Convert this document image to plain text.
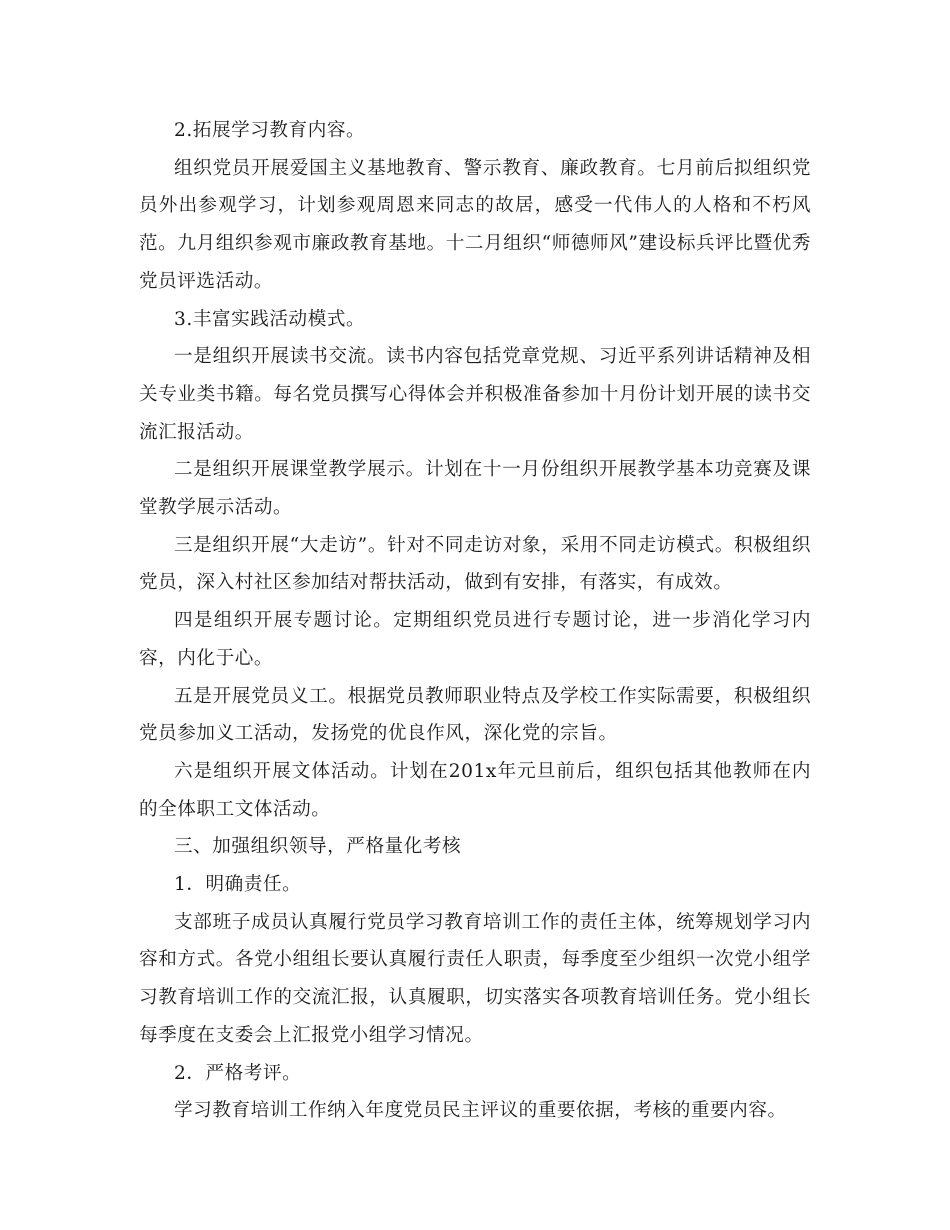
2.拓展学习教育内容。

组织党员开展爱国主义基地教育、警示教育、廉政教育。七月前后拟组织党员外出参观学习，计划参观周恩来同志的故居，感受一代伟人的人格和不朽风范。九月组织参观市廉政教育基地。十二月组织“师德师风”建设标兵评比暨优秀党员评选活动。

3.丰富实践活动模式。

一是组织开展读书交流。读书内容包括党章党规、习近平系列讲话精神及相关专业类书籍。每名党员撰写心得体会并积极准备参加十月份计划开展的读书交流汇报活动。

二是组织开展课堂教学展示。计划在十一月份组织开展教学基本功竞赛及课堂教学展示活动。

三是组织开展“大走访”。针对不同走访对象，采用不同走访模式。积极组织党员，深入村社区参加结对帮扶活动，做到有安排，有落实，有成效。

四是组织开展专题讨论。定期组织党员进行专题讨论，进一步消化学习内容，内化于心。

五是开展党员义工。根据党员教师职业特点及学校工作实际需要，积极组织党员参加义工活动，发扬党的优良作风，深化党的宗旨。

六是组织开展文体活动。计划在201x年元旦前后，组织包括其他教师在内的全体职工文体活动。

三、加强组织领导，严格量化考核

1．明确责任。

支部班子成员认真履行党员学习教育培训工作的责任主体，统筹规划学习内容和方式。各党小组组长要认真履行责任人职责，每季度至少组织一次党小组学习教育培训工作的交流汇报，认真履职，切实落实各项教育培训任务。党小组长每季度在支委会上汇报党小组学习情况。

2．严格考评。

学习教育培训工作纳入年度党员民主评议的重要依据，考核的重要内容。
